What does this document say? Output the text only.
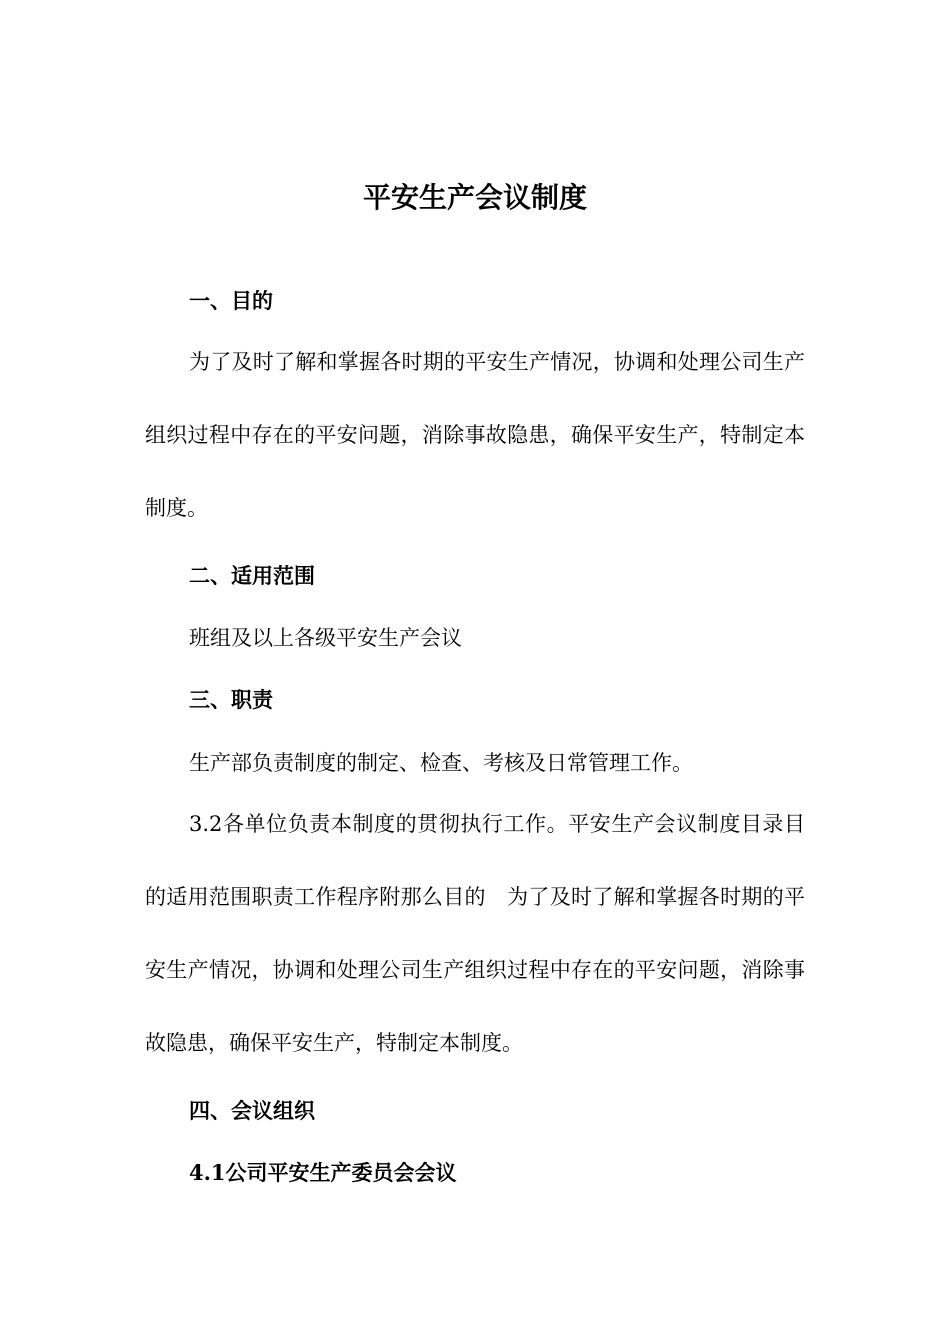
平安生产会议制度
一、目的

为了及时了解和掌握各时期的平安生产情况，协调和处理公司生产组织过程中存在的平安问题，消除事故隐患，确保平安生产，特制定本制度。

二、适用范围

班组及以上各级平安生产会议

三、职责

生产部负责制度的制定、检查、考核及日常管理工作。

3.2各单位负责本制度的贯彻执行工作。平安生产会议制度目录目的适用范围职责工作程序附那么目的　为了及时了解和掌握各时期的平安生产情况，协调和处理公司生产组织过程中存在的平安问题，消除事故隐患，确保平安生产，特制定本制度。

四、会议组织
4.1公司平安生产委员会会议
